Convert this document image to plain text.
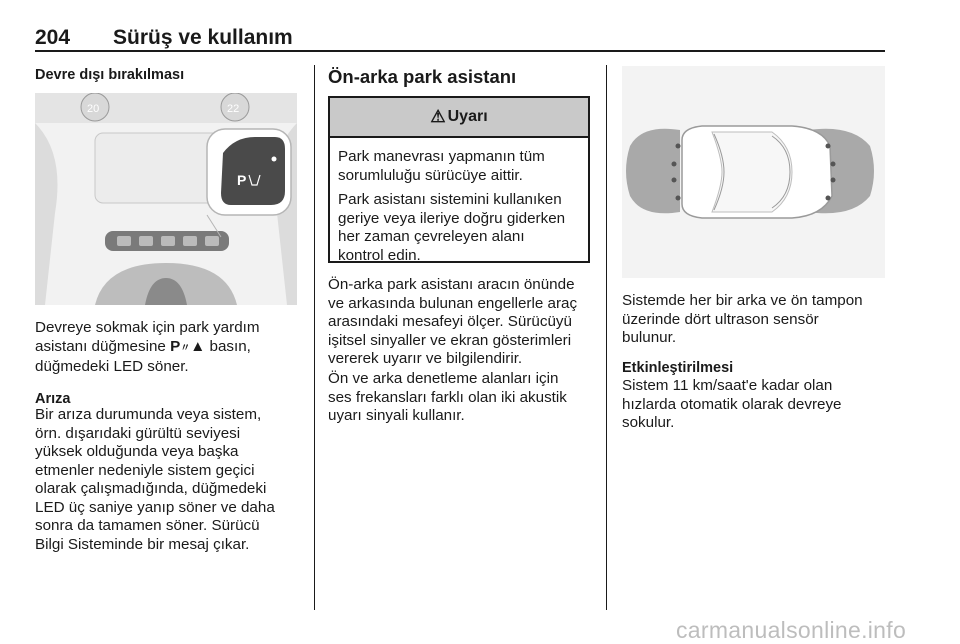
204 Sürüş ve kullanım
Devre dışı bırakılması
20	22
P

Devreye sokmak için park yardım

asistanı düğmesine P〃▲ basın,

düğmedeki LED söner.

Arıza

Bir arıza durumunda veya sistem,

örn. dışarıdaki gürültü seviyesi

yüksek olduğunda veya başka

etmenler nedeniyle sistem geçici

olarak çalışmadığında, düğmedeki

LED üç saniye yanıp söner ve daha

sonra da tamamen söner. Sürücü

Bilgi Sisteminde bir mesaj çıkar.

Ön-arka park asistanı
⚠ Uyarı

Park manevrası yapmanın tüm
sorumluluğu sürücüye aittir.

Park asistanı sistemini kullanıken
geriye veya ileriye doğru giderken
her zaman çevreleyen alanı
kontrol edin.

Ön-arka park asistanı aracın önünde

ve arkasında bulunan engellerle araç

arasındaki mesafeyi ölçer. Sürücüyü

işitsel sinyaller ve ekran gösterimleri

vererek uyarır ve bilgilendirir.

Ön ve arka denetleme alanları için

ses frekansları farklı olan iki akustik

uyarı sinyali kullanır.

Sistemde her bir arka ve ön tampon

üzerinde dört ultrason sensör

bulunur.

Etkinleştirilmesi

Sistem 11 km/saat'e kadar olan

hızlarda otomatik olarak devreye

sokulur.

carmanualsonline.info
